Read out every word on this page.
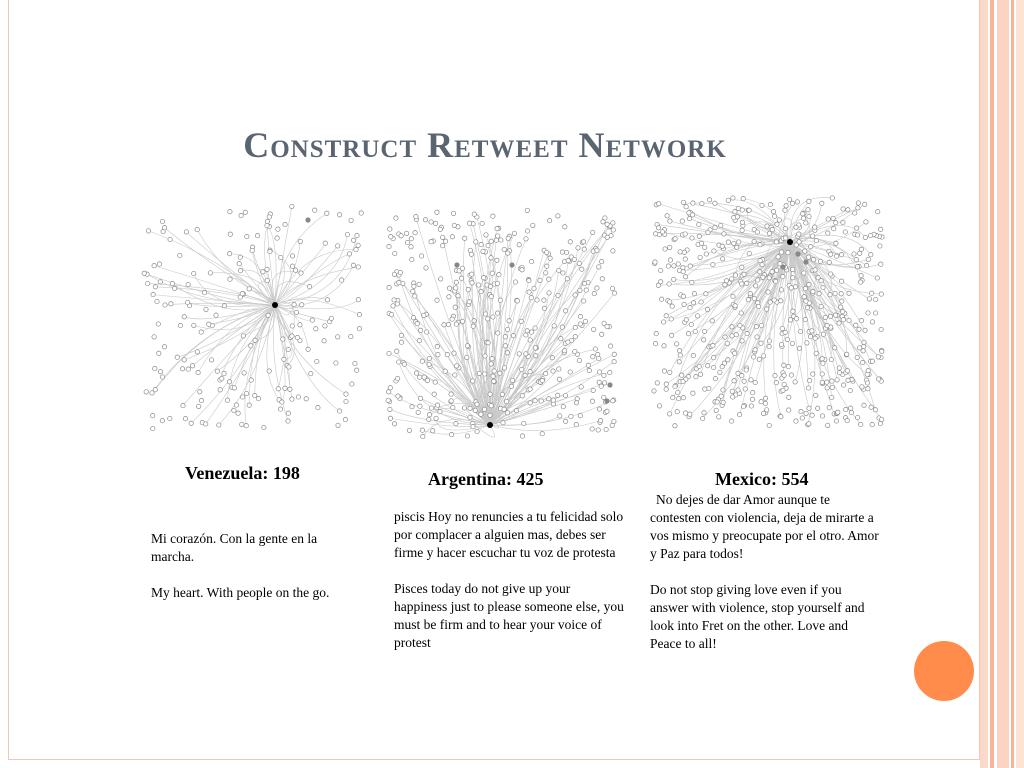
Construct Retweet Network
Venezuela: 198	Argentina: 425	Mexico: 554

Mi corazón. Con la gente en la marcha.

My heart. With people on the go.

piscis Hoy no renuncies a tu felicidad solo por complacer a alguien mas, debes ser firme y hacer escuchar tu voz de protesta

Pisces today do not give up your happiness just to please someone else, you must be firm and to hear your voice of protest

No dejes de dar Amor aunque te contesten con violencia, deja de mirarte a vos mismo y preocupate por el otro. Amor y Paz para todos!

Do not stop giving love even if you answer with violence, stop yourself and look into Fret on the other. Love and Peace to all!
